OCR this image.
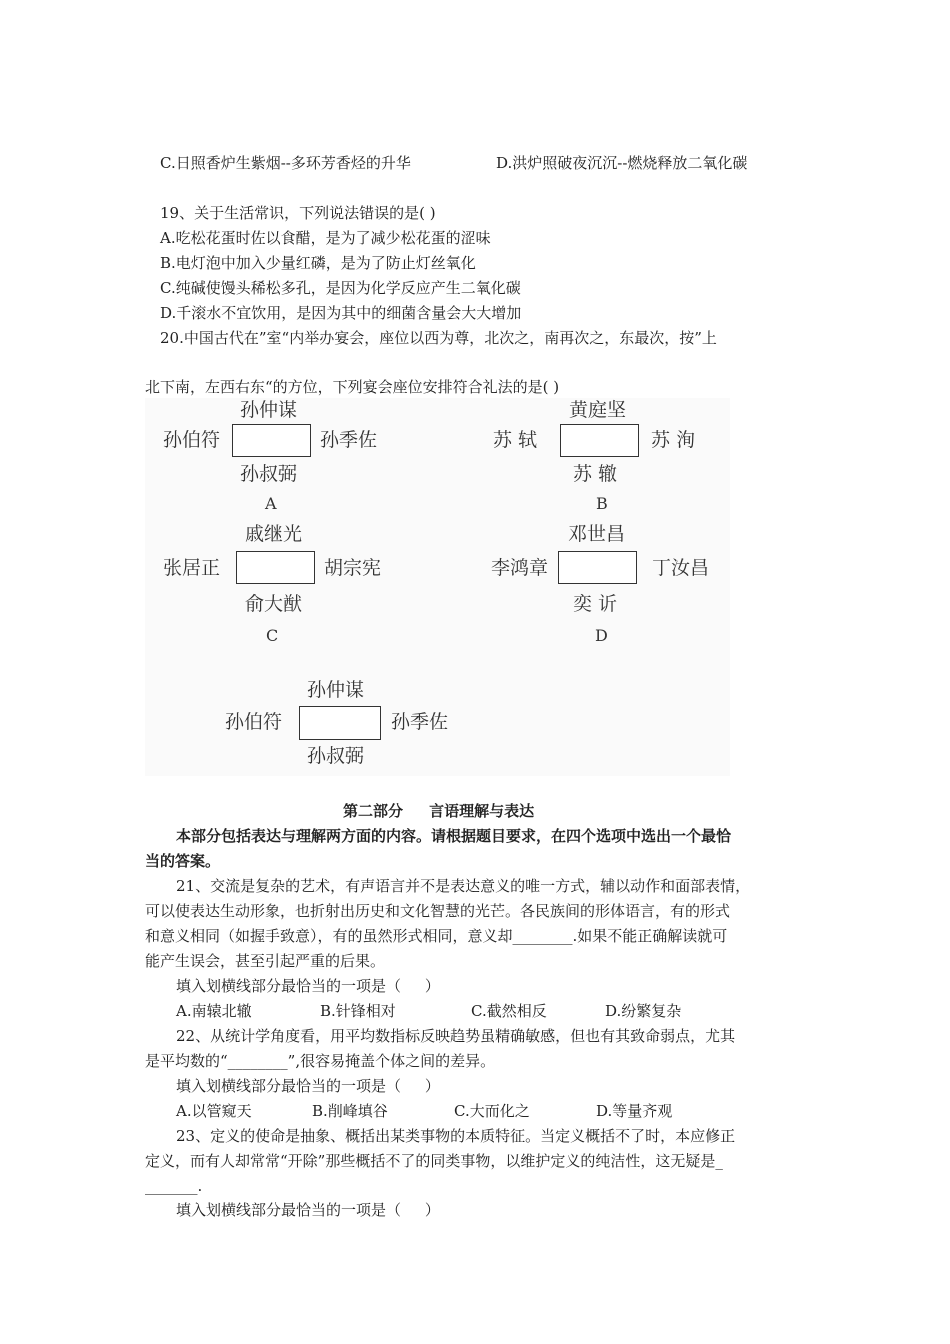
C.日照香炉生紫烟--多环芳香烃的升华	D.洪炉照破夜沉沉--燃烧释放二氧化碳
19、关于生活常识，下列说法错误的是( )
A.吃松花蛋时佐以食醋，是为了减少松花蛋的涩味
B.电灯泡中加入少量红磷，是为了防止灯丝氧化
C.纯碱使馒头稀松多孔，是因为化学反应产生二氧化碳
D.千滚水不宜饮用，是因为其中的细菌含量会大大增加
20.中国古代在”室“内举办宴会，座位以西为尊，北次之，南再次之，东最次，按”上
北下南，左西右东“的方位，下列宴会座位安排符合礼法的是( )
孙仲谋
孙伯符	孙季佐
孙叔弼
A
黄庭坚
苏 轼	苏 洵
苏 辙
B
戚继光
张居正	胡宗宪
俞大猷
C
邓世昌
李鸿章	丁汝昌
奕 䜣
D
孙仲谋
孙伯符	孙季佐
孙叔弼
第二部分     言语理解与表达
本部分包括表达与理解两方面的内容。请根据题目要求，在四个选项中选出一个最恰
当的答案。
21、交流是复杂的艺术，有声语言并不是表达意义的唯一方式，辅以动作和面部表情，
可以使表达生动形象，也折射出历史和文化智慧的光芒。各民族间的形体语言，有的形式
和意义相同（如握手致意），有的虽然形式相同，意义却________.如果不能正确解读就可
能产生误会，甚至引起严重的后果。
填入划横线部分最恰当的一项是（     ）
A.南辕北辙	B.针锋相对	C.截然相反	D.纷繁复杂
22、从统计学角度看，用平均数指标反映趋势虽精确敏感，但也有其致命弱点，尤其
是平均数的“________”,很容易掩盖个体之间的差异。
填入划横线部分最恰当的一项是（     ）
A.以管窥天	B.削峰填谷	C.大而化之	D.等量齐观
23、定义的使命是抽象、概括出某类事物的本质特征。当定义概括不了时，本应修正
定义，而有人却常常“开除”那些概括不了的同类事物，以维护定义的纯洁性，这无疑是_
_______.
填入划横线部分最恰当的一项是（     ）
